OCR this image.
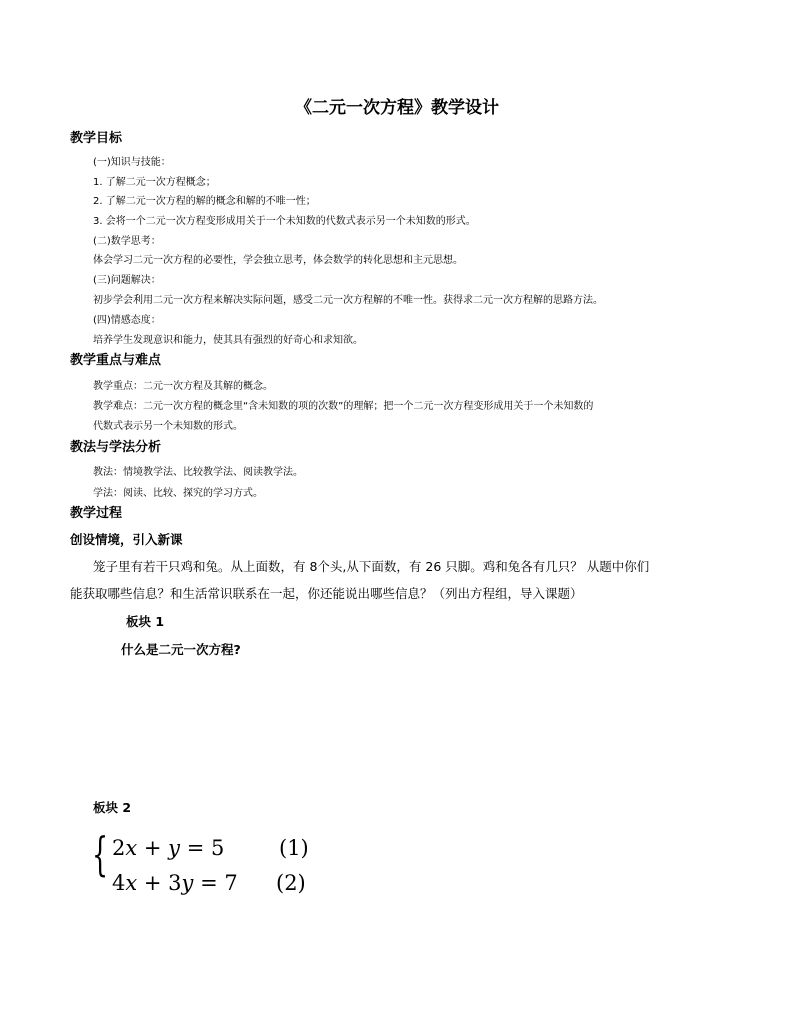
《二元一次方程》教学设计
教学目标
(一)知识与技能：
1. 了解二元一次方程概念；
2. 了解二元一次方程的解的概念和解的不唯一性；
3. 会将一个二元一次方程变形成用关于一个未知数的代数式表示另一个未知数的形式。
(二)数学思考：
体会学习二元一次方程的必要性，学会独立思考，体会数学的转化思想和主元思想。
(三)问题解决：
初步学会利用二元一次方程来解决实际问题，感受二元一次方程解的不唯一性。获得求二元一次方程解的思路方法。
(四)情感态度：
培养学生发现意识和能力，使其具有强烈的好奇心和求知欲。
教学重点与难点
教学重点：二元一次方程及其解的概念。
教学难点：二元一次方程的概念里“含未知数的项的次数”的理解；把一个二元一次方程变形成用关于一个未知数的
代数式表示另一个未知数的形式。
教法与学法分析
教法：情境教学法、比较教学法、阅读教学法。
学法：阅读、比较、探究的学习方式。
教学过程
创设情境，引入新课
笼子里有若干只鸡和兔。从上面数，有 8个头,从下面数，有 26 只脚。鸡和兔各有几只？ 从题中你们
能获取哪些信息？和生活常识联系在一起，你还能说出哪些信息？（列出方程组，导入课题）
板块 1
什么是二元一次方程?
板块 2
{ 2x + y = 5	(1)
4x + 3y = 7 (2)
